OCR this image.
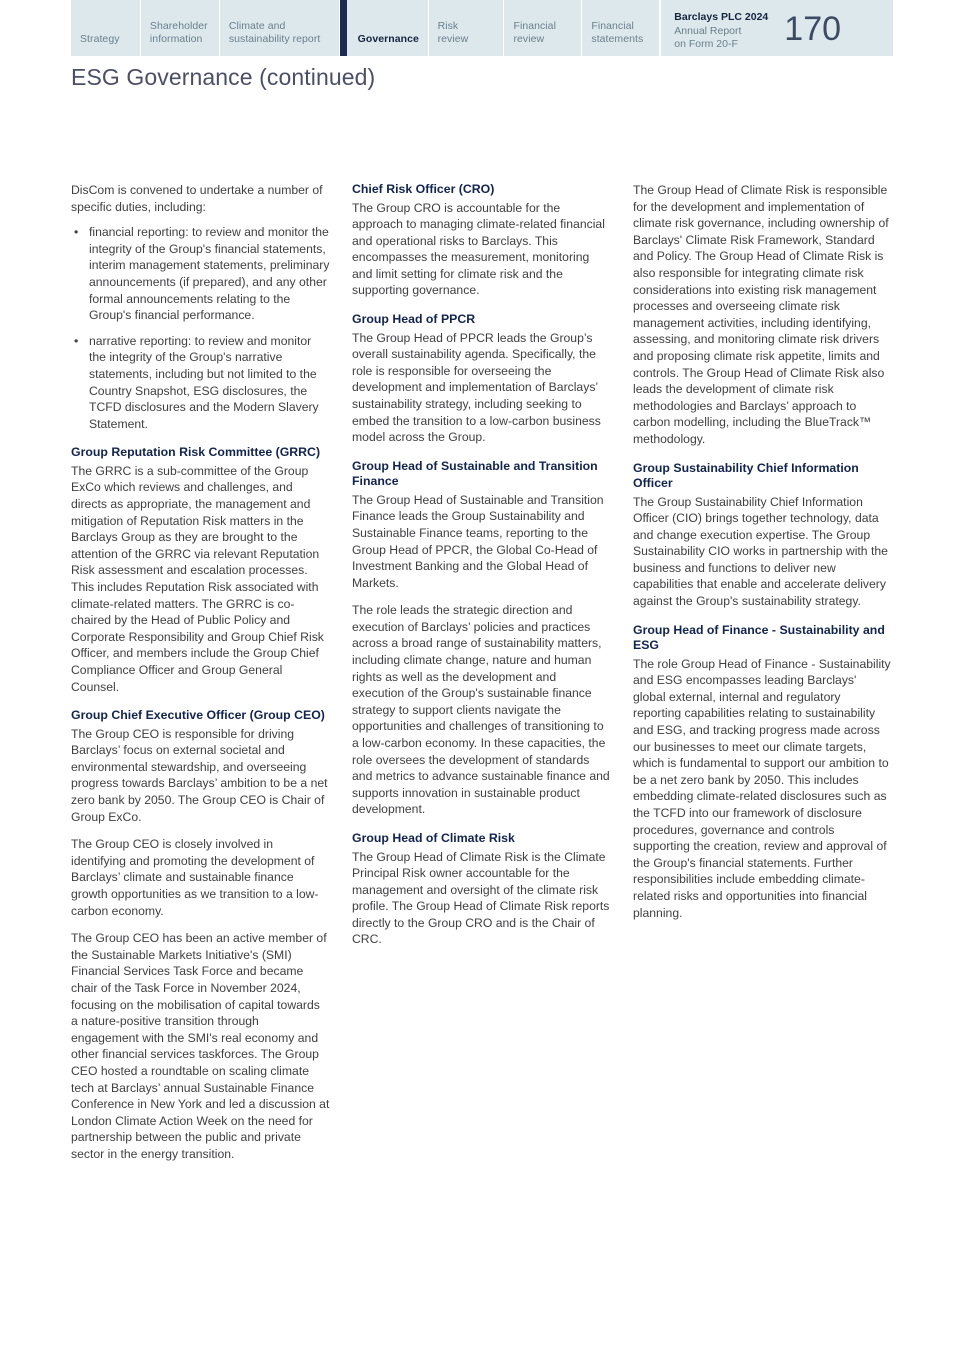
Strategy
Shareholder
information
Climate and
sustainability report	Governance
Risk
review
Financial
review
Financial
statements
Barclays PLC 2024
Annual Report
on Form 20-F	170
ESG Governance (continued)

DisCom is convened to undertake a number of specific duties, including:

• financial reporting: to review and monitor the integrity of the Group's financial statements, interim management statements, preliminary announcements (if prepared), and any other formal announcements relating to the Group's financial performance.
• narrative reporting: to review and monitor the integrity of the Group's narrative statements, including but not limited to the Country Snapshot, ESG disclosures, the TCFD disclosures and the Modern Slavery Statement.
Group Reputation Risk Committee (GRRC)

The GRRC is a sub-committee of the Group ExCo which reviews and challenges, and directs as appropriate, the management and mitigation of Reputation Risk matters in the Barclays Group as they are brought to the attention of the GRRC via relevant Reputation Risk assessment and escalation processes. This includes Reputation Risk associated with climate-related matters. The GRRC is co-chaired by the Head of Public Policy and Corporate Responsibility and Group Chief Risk Officer, and members include the Group Chief Compliance Officer and Group General Counsel.

Group Chief Executive Officer (Group CEO)

The Group CEO is responsible for driving Barclays’ focus on external societal and environmental stewardship, and overseeing progress towards Barclays’ ambition to be a net zero bank by 2050. The Group CEO is Chair of Group ExCo.

The Group CEO is closely involved in identifying and promoting the development of Barclays’ climate and sustainable finance growth opportunities as we transition to a low-carbon economy.

The Group CEO has been an active member of the Sustainable Markets Initiative's (SMI) Financial Services Task Force and became chair of the Task Force in November 2024, focusing on the mobilisation of capital towards a nature-positive transition through engagement with the SMI's real economy and other financial services taskforces. The Group CEO hosted a roundtable on scaling climate tech at Barclays’ annual Sustainable Finance Conference in New York and led a discussion at London Climate Action Week on the need for partnership between the public and private sector in the energy transition.

Chief Risk Officer (CRO)

The Group CRO is accountable for the approach to managing climate-related financial and operational risks to Barclays. This encompasses the measurement, monitoring and limit setting for climate risk and the supporting governance.

Group Head of PPCR

The Group Head of PPCR leads the Group’s overall sustainability agenda. Specifically, the role is responsible for overseeing the development and implementation of Barclays’ sustainability strategy, including seeking to embed the transition to a low-carbon business model across the Group.

Group Head of Sustainable and Transition Finance

The Group Head of Sustainable and Transition Finance leads the Group Sustainability and Sustainable Finance teams, reporting to the Group Head of PPCR, the Global Co-Head of Investment Banking and the Global Head of Markets.

The role leads the strategic direction and execution of Barclays’ policies and practices across a broad range of sustainability matters, including climate change, nature and human rights as well as the development and execution of the Group's sustainable finance strategy to support clients navigate the opportunities and challenges of transitioning to a low-carbon economy. In these capacities, the role oversees the development of standards and metrics to advance sustainable finance and supports innovation in sustainable product development.

Group Head of Climate Risk

The Group Head of Climate Risk is the Climate Principal Risk owner accountable for the management and oversight of the climate risk profile. The Group Head of Climate Risk reports directly to the Group CRO and is the Chair of CRC.

The Group Head of Climate Risk is responsible for the development and implementation of climate risk governance, including ownership of Barclays' Climate Risk Framework, Standard and Policy. The Group Head of Climate Risk is also responsible for integrating climate risk considerations into existing risk management processes and overseeing climate risk management activities, including identifying, assessing, and monitoring climate risk drivers and proposing climate risk appetite, limits and controls. The Group Head of Climate Risk also leads the development of climate risk methodologies and Barclays’ approach to carbon modelling, including the BlueTrack™ methodology.

Group Sustainability Chief Information Officer

The Group Sustainability Chief Information Officer (CIO) brings together technology, data and change execution expertise. The Group Sustainability CIO works in partnership with the business and functions to deliver new capabilities that enable and accelerate delivery against the Group's sustainability strategy.

Group Head of Finance - Sustainability and ESG

The role Group Head of Finance - Sustainability and ESG encompasses leading Barclays' global external, internal and regulatory reporting capabilities relating to sustainability and ESG, and tracking progress made across our businesses to meet our climate targets, which is fundamental to support our ambition to be a net zero bank by 2050. This includes embedding climate-related disclosures such as the TCFD into our framework of disclosure procedures, governance and controls supporting the creation, review and approval of the Group's financial statements. Further responsibilities include embedding climate-related risks and opportunities into financial planning.
